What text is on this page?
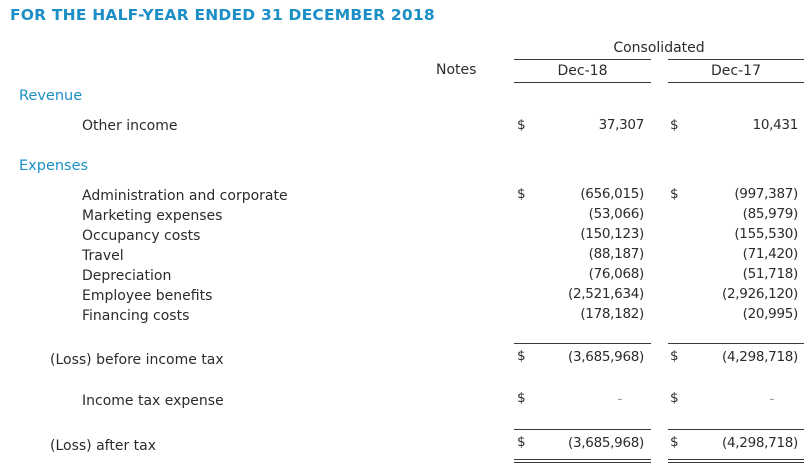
FOR THE HALF-YEAR ENDED 31 DECEMBER 2018
Consolidated
Notes	Dec-18	Dec-17
Revenue
Other income	$	37,307 $	10,431
Expenses
Administration and corporate	$	(656,015) $	(997,387)
Marketing expenses	(53,066)	(85,979)
Occupancy costs	(150,123)	(155,530)
Travel	(88,187)	(71,420)
Depreciation	(76,068)	(51,718)
Employee benefits	(2,521,634)	(2,926,120)
Financing costs	(178,182)	(20,995)
(Loss) before income tax	$	(3,685,968) $	(4,298,718)
Income tax expense	$	-	$	-
(Loss) after tax	$	(3,685,968) $	(4,298,718)
